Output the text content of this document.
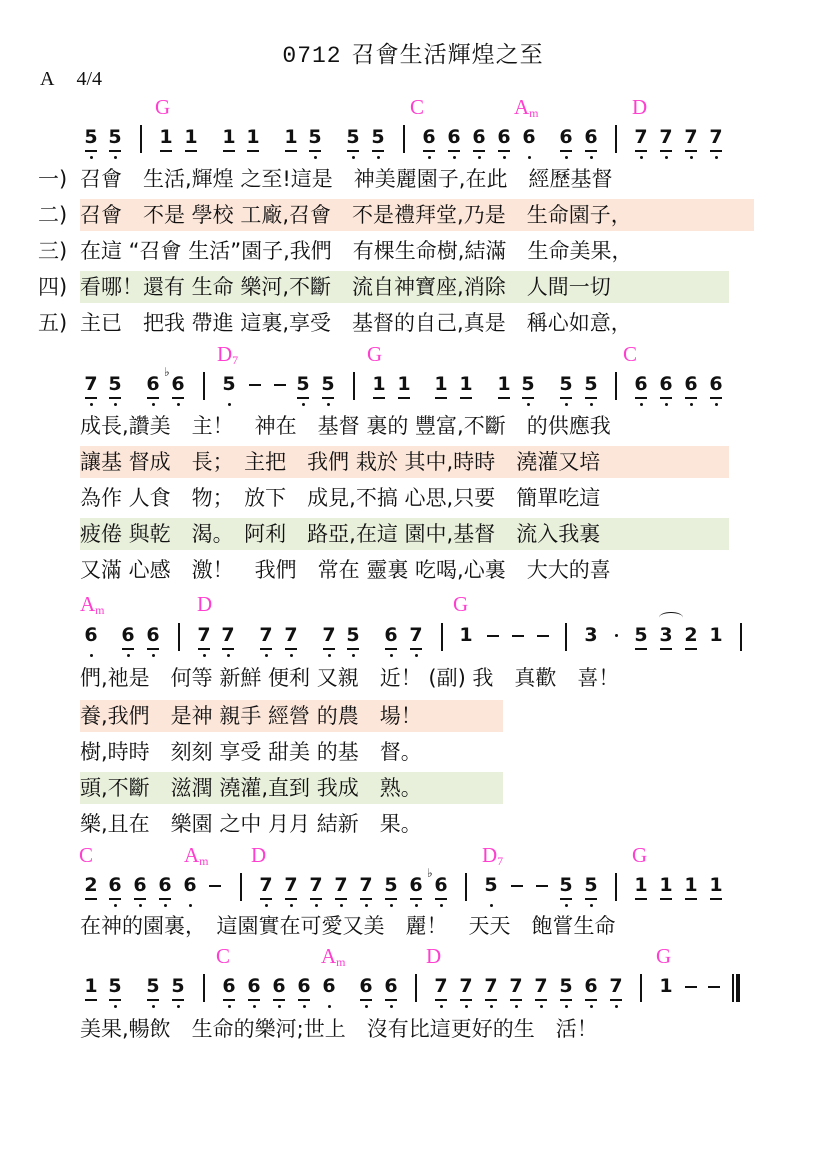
0712 召會生活輝煌之至
A 4/4
G	C	$A_m$	D
5 5 1 1 1 1 1 5 5 5 6 6 6 6 6 6 6 7 7 7 7
一) 召會　生活,輝煌 之至!這是　神美麗園子,在此　經歷基督
二) 召會　不是 學校 工廠,召會　不是禮拜堂,乃是　生命園子，
三) 在這 “召會 生活”園子,我們　有棵生命樹,結滿　生命美果，
四) 看哪！還有 生命 樂河,不斷　流自神寶座,消除　人間一切
五) 主已　把我 帶進 這裏,享受　基督的自己,真是　稱心如意，
$D_7$	G	C
7 5 6
♭
6 5	5 5 1 1 1 1 1 5 5 5 6 6 6 6
成長,讚美　主！　神在　基督 裏的 豐富,不斷　的供應我
讓基 督成　長；　主把　我們 栽於 其中,時時　澆灌又培
為作 人食　物；　放下　成見,不搞 心思,只要　簡單吃這
疲倦 與乾　渴。　阿利　路亞,在這 園中,基督　流入我裏
又滿 心感　激！　我們　常在 靈裏 吃喝,心裏　大大的喜
$A_m$	D	G
6 6 6 7 7 7 7 7 5 6 7 1	3 5 3 2 1
們,祂是　何等 新鮮 便利 又親　近！ (副) 我　真歡　喜！
養,我們　是神 親手 經營 的農　場！
樹,時時　刻刻 享受 甜美 的基　督。
頭,不斷　滋潤 澆灌,直到 我成　熟。
樂,且在　樂園 之中 月月 結新　果。
C	$A_m$ D	$D_7$	G
2 6 6 6 6	7 7 7 7 7 5 6
♭
6 5	5 5 1 1 1 1
在神的園裏，　這園實在可愛又美　麗！　天天　飽嘗生命
C	$A_m$	D	G
1 5 5 5 6 6 6 6 6 6 6 7 7 7 7 7 5 6 7 1
美果,暢飲　生命的樂河;世上　沒有比這更好的生　活！
